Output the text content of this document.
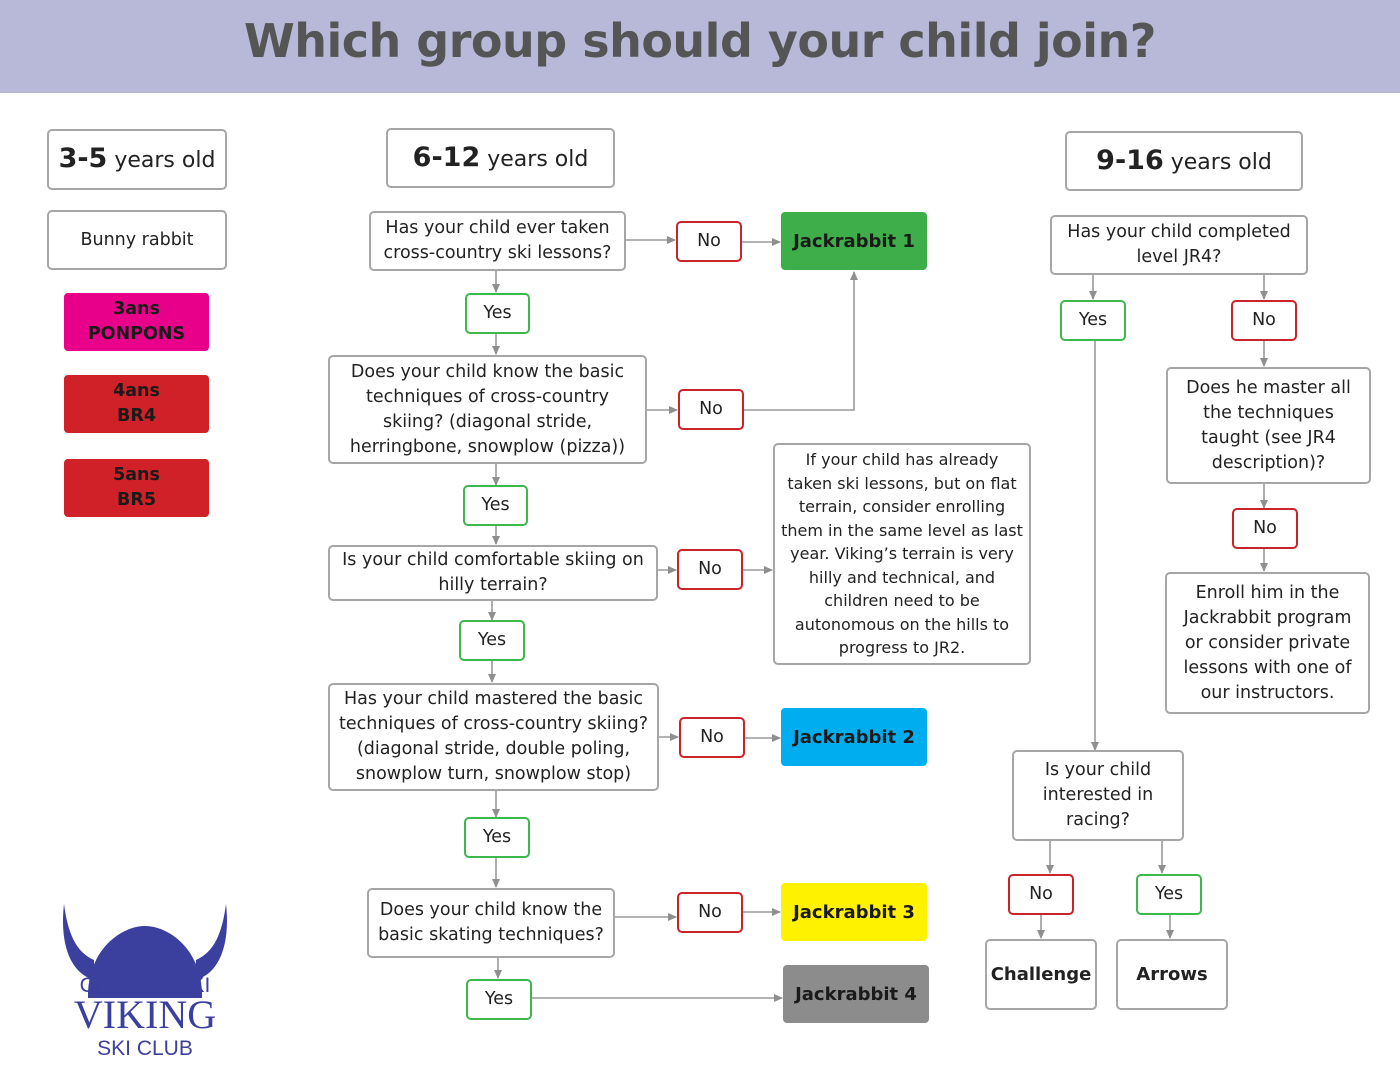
Which group should your child join?
3-5 years old
Bunny rabbit
3ans
PONPONS
4ans
BR4
5ans
BR5
6-12 years old
Has your child ever taken cross-country ski lessons?
No	Jackrabbit 1
Yes
Does your child know the basic techniques of cross-country skiing? (diagonal stride, herringbone, snowplow (pizza))
No
Yes
Is your child comfortable skiing on hilly terrain?
No
If your child has already taken ski lessons, but on flat terrain, consider enrolling them in the same level as last year. Viking’s terrain is very hilly and technical, and children need to be autonomous on the hills to progress to JR2.
Yes
Has your child mastered the basic techniques of cross-country skiing? (diagonal stride, double poling, snowplow turn, snowplow stop)
No	Jackrabbit 2
Yes
Does your child know the basic skating techniques?
No	Jackrabbit 3
Yes	Jackrabbit 4
9-16 years old
Has your child completed level JR4?
Yes	No
Does he master all the techniques taught (see JR4 description)?
No
Enroll him in the Jackrabbit program or consider private lessons with one of our instructors.
Is your child interested in racing?
No	Yes
Challenge	Arrows
CLUB DE SKI
VIKING
SKI CLUB
